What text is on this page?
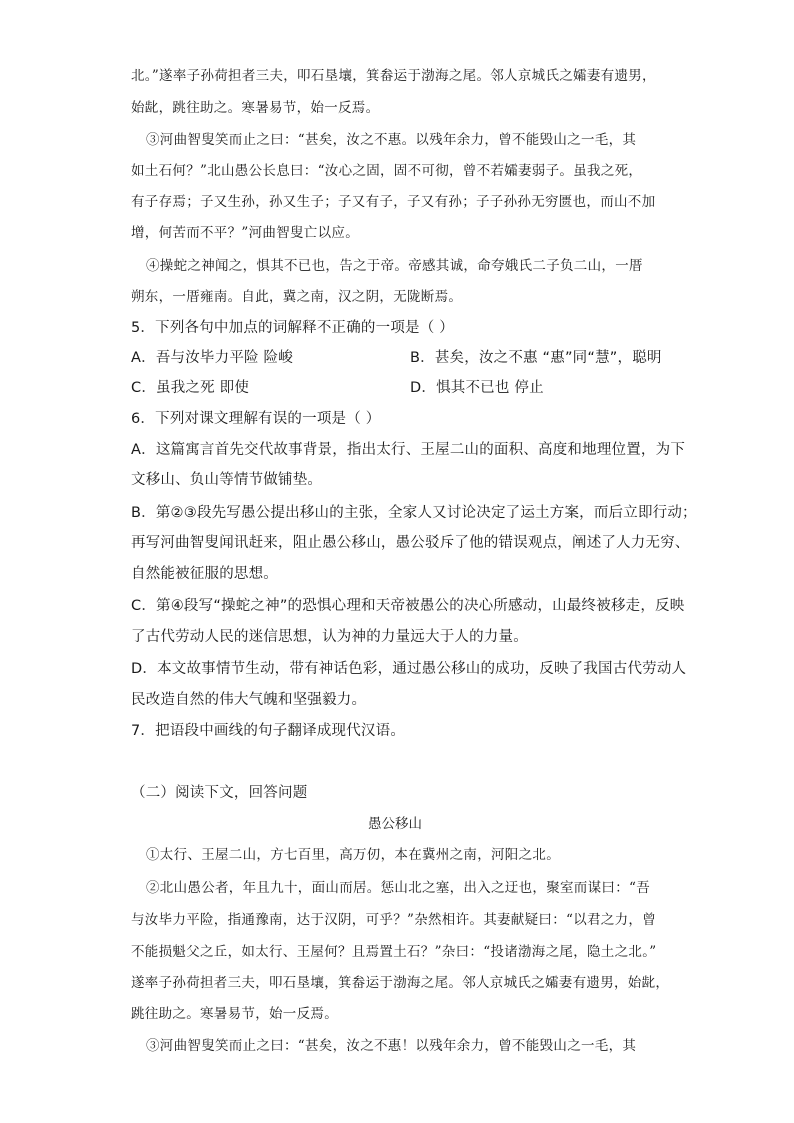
北。”遂率子孙荷担者三夫，叩石垦壤，箕畚运于渤海之尾。邻人京城氏之孀妻有遗男，
始龀，跳往助之。寒暑易节，始一反焉。
③河曲智叟笑而止之曰：“甚矣，汝之不惠。以残年余力，曾不能毁山之一毛，其
如土石何？”北山愚公长息曰：“汝心之固，固不可彻，曾不若孀妻弱子。虽我之死，
有子存焉；子又生孙，孙又生子；子又有子，子又有孙；子子孙孙无穷匮也，而山不加
增，何苦而不平？”河曲智叟亡以应。
④操蛇之神闻之，惧其不已也，告之于帝。帝感其诚，命夸娥氏二子负二山，一厝
朔东，一厝雍南。自此，冀之南，汉之阴，无陇断焉。
5．下列各句中加点的词解释不正确的一项是（ ）
A．吾与汝毕力平险 险峻	B．甚矣，汝之不惠 “惠”同“慧”，聪明
C．虽我之死 即使	D．惧其不已也 停止
6．下列对课文理解有误的一项是（ ）
A．这篇寓言首先交代故事背景，指出太行、王屋二山的面积、高度和地理位置，为下
文移山、负山等情节做铺垫。
B．第②③段先写愚公提出移山的主张，全家人又讨论决定了运土方案，而后立即行动；
再写河曲智叟闻讯赶来，阻止愚公移山，愚公驳斥了他的错误观点，阐述了人力无穷、
自然能被征服的思想。
C．第④段写“操蛇之神”的恐惧心理和天帝被愚公的决心所感动，山最终被移走，反映
了古代劳动人民的迷信思想，认为神的力量远大于人的力量。
D．本文故事情节生动，带有神话色彩，通过愚公移山的成功，反映了我国古代劳动人
民改造自然的伟大气魄和坚强毅力。
7．把语段中画线的句子翻译成现代汉语。
（二）阅读下文，回答问题
愚公移山
①太行、王屋二山，方七百里，高万仞，本在冀州之南，河阳之北。
②北山愚公者，年且九十，面山而居。惩山北之塞，出入之迂也，聚室而谋曰：“吾
与汝毕力平险，指通豫南，达于汉阴，可乎？”杂然相许。其妻献疑曰：“以君之力，曾
不能损魁父之丘，如太行、王屋何？且焉置土石？”杂曰：“投诸渤海之尾，隐土之北。”
遂率子孙荷担者三夫，叩石垦壤，箕畚运于渤海之尾。邻人京城氏之孀妻有遗男，始龀，
跳往助之。寒暑易节，始一反焉。
③河曲智叟笑而止之曰：“甚矣，汝之不惠！以残年余力，曾不能毁山之一毛，其
